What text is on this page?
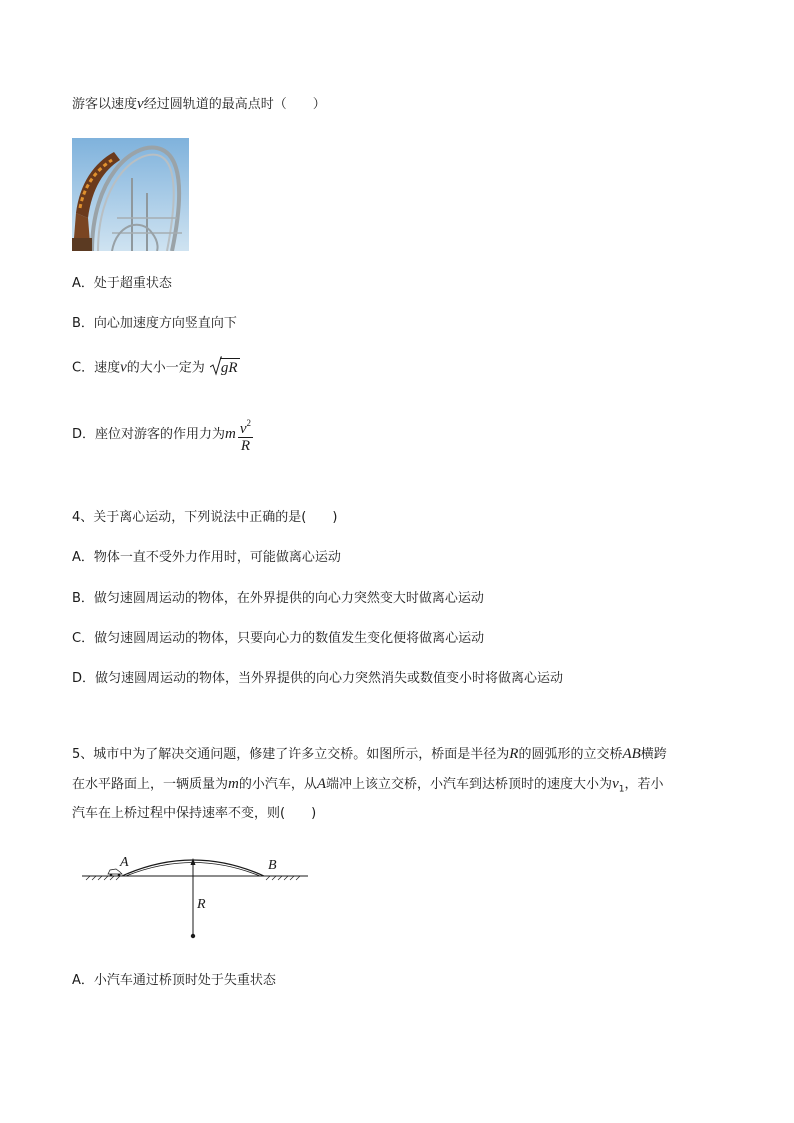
游客以速度v经过圆轨道的最高点时（　　）
A．处于超重状态
B．向心加速度方向竖直向下
C．速度v的大小一定为 gR
D．座位对游客的作用力为m $\frac{v^2}{R}$
4、关于离心运动，下列说法中正确的是(　　)
A．物体一直不受外力作用时，可能做离心运动
B．做匀速圆周运动的物体，在外界提供的向心力突然变大时做离心运动
C．做匀速圆周运动的物体，只要向心力的数值发生变化便将做离心运动
D．做匀速圆周运动的物体，当外界提供的向心力突然消失或数值变小时将做离心运动
5、城市中为了解决交通问题，修建了许多立交桥。如图所示，桥面是半径为R的圆弧形的立交桥AB横跨
在水平路面上，一辆质量为m的小汽车，从A端冲上该立交桥，小汽车到达桥顶时的速度大小为$v_1$，若小
汽车在上桥过程中保持速率不变，则(　　)
A	B
R
A．小汽车通过桥顶时处于失重状态
